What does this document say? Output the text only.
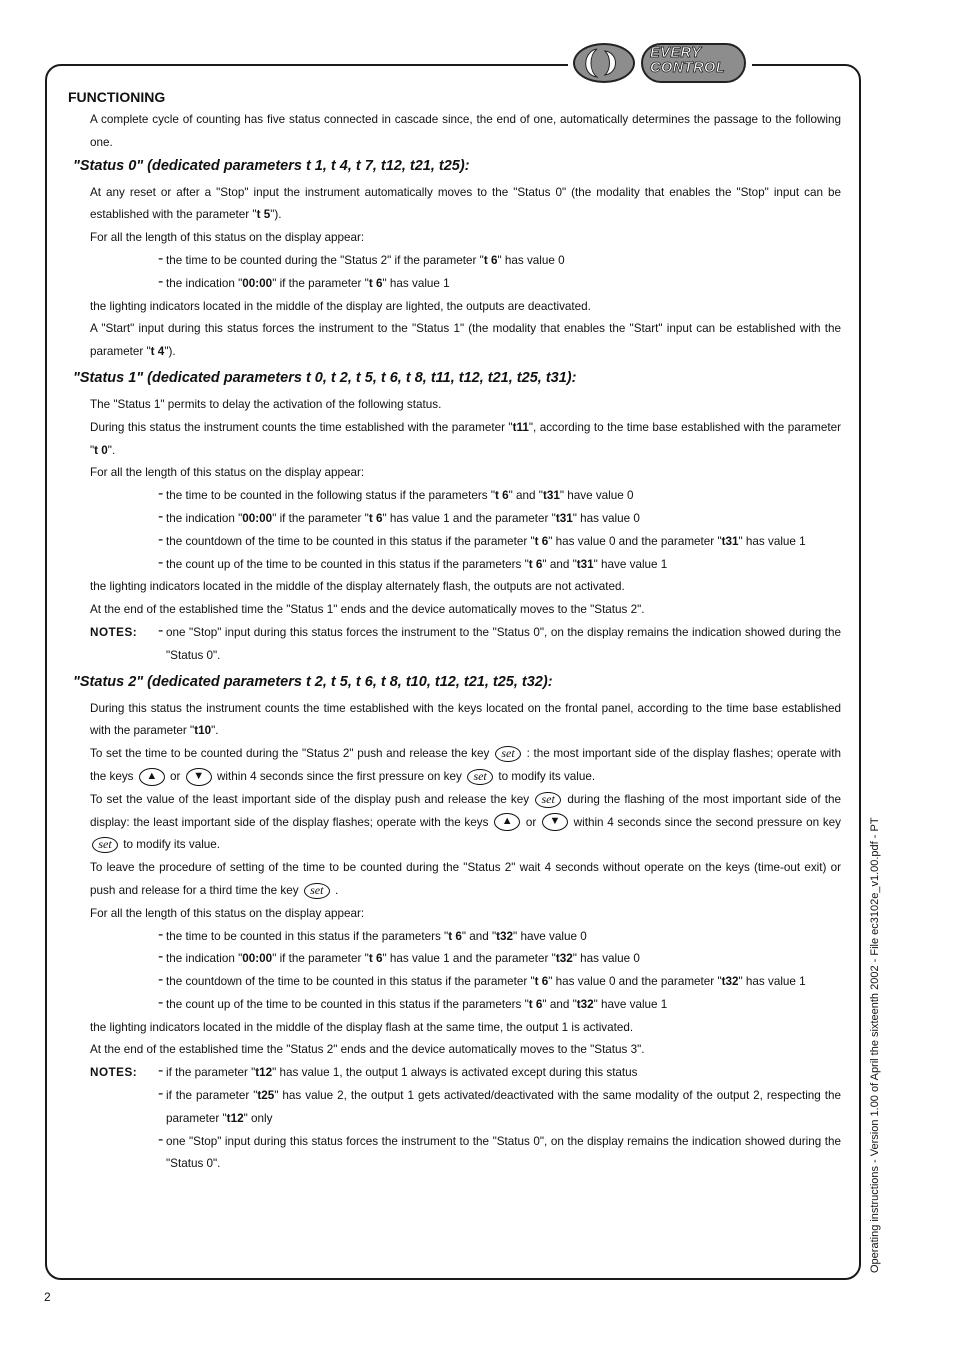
EVERY
CONTROL
FUNCTIONING

A complete cycle of counting has five status connected in cascade since, the end of one, automatically determines the passage to the following one.

"Status 0" (dedicated parameters t 1, t 4, t 7, t12, t21, t25):

At any reset or after a "Stop" input the instrument automatically moves to the "Status 0" (the modality that enables the "Stop" input can be established with the parameter "t 5").

For all the length of this status on the display appear:

- the time to be counted during the "Status 2" if the parameter "t 6" has value 0

- the indication "00:00" if the parameter "t 6" has value 1

the lighting indicators located in the middle of the display are lighted, the outputs are deactivated.

A "Start" input during this status forces the instrument to the "Status 1" (the modality that enables the "Start" input can be established with the parameter "t 4").

"Status 1" (dedicated parameters t 0, t 2, t 5, t 6, t 8, t11, t12, t21, t25, t31):

The "Status 1" permits to delay the activation of the following status.

During this status the instrument counts the time established with the parameter "t11", according to the time base established with the parameter "t 0".

For all the length of this status on the display appear:

- the time to be counted in the following status if the parameters "t 6" and "t31" have value 0

- the indication "00:00" if the parameter "t 6" has value 1 and the parameter "t31" has value 0

- the countdown of the time to be counted in this status if the parameter "t 6" has value 0 and the parameter "t31" has value 1

- the count up of the time to be counted in this status if the parameters "t 6" and "t31" have value 1

the lighting indicators located in the middle of the display alternately flash, the outputs are not activated.

At the end of the established time the "Status 1" ends and the device automatically moves to the "Status 2".

NOTES:	- one "Stop" input during this status forces the instrument to the "Status 0", on the display remains the indication showed during the "Status 0".

"Status 2" (dedicated parameters t 2, t 5, t 6, t 8, t10, t12, t21, t25, t32):

During this status the instrument counts the time established with the keys located on the frontal panel, according to the time base established with the parameter "t10".

To set the time to be counted during the "Status 2" push and release the key set : the most important side of the display flashes; operate with the keys ▲ or ▼ within 4 seconds since the first pressure on key set to modify its value.

To set the value of the least important side of the display push and release the key set during the flashing of the most important side of the display: the least important side of the display flashes; operate with the keys ▲ or ▼ within 4 seconds since the second pressure on key set to modify its value.

To leave the procedure of setting of the time to be counted during the "Status 2" wait 4 seconds without operate on the keys (time-out exit) or push and release for a third time the key set .

For all the length of this status on the display appear:

- the time to be counted in this status if the parameters "t 6" and "t32" have value 0

- the indication "00:00" if the parameter "t 6" has value 1 and the parameter "t32" has value 0

- the countdown of the time to be counted in this status if the parameter "t 6" has value 0 and the parameter "t32" has value 1

- the count up of the time to be counted in this status if the parameters "t 6" and "t32" have value 1

the lighting indicators located in the middle of the display flash at the same time, the output 1 is activated.

At the end of the established time the "Status 2" ends and the device automatically moves to the "Status 3".

NOTES:	- if the parameter "t12" has value 1, the output 1 always is activated except during this status

- if the parameter "t25" has value 2, the output 1 gets activated/deactivated with the same modality of the output 2, respecting the parameter "t12" only

- one "Stop" input during this status forces the instrument to the "Status 0", on the display remains the indication showed during the "Status 0".	Operating instructions - Version 1.00 of April the sixteenth 2002 - File ec3102e_v1.00.pdf - PT
2
